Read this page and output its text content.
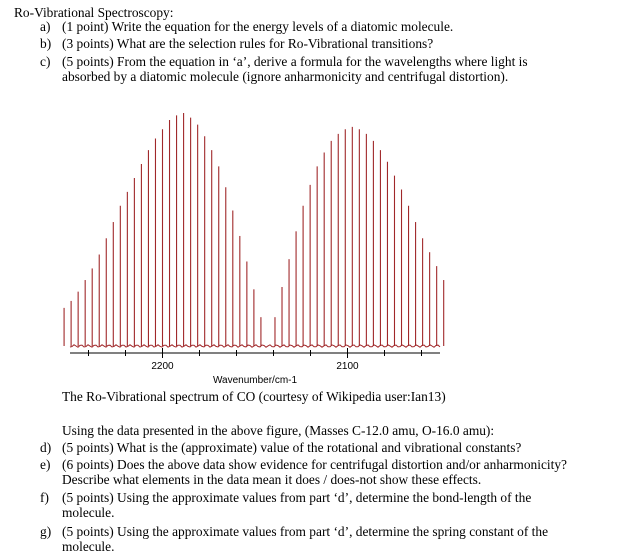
Ro-Vibrational Spectroscopy:
a) (1 point) Write the equation for the energy levels of a diatomic molecule.
b) (3 points) What are the selection rules for Ro-Vibrational transitions?
c) (5 points) From the equation in ‘a’, derive a formula for the wavelengths where light is
absorbed by a diatomic molecule (ignore anharmonicity and centrifugal distortion).
2200	2100
Wavenumber/cm-1
The Ro-Vibrational spectrum of CO (courtesy of Wikipedia user:Ian13)
Using the data presented in the above figure, (Masses C-12.0 amu, O-16.0 amu):
d) (5 points) What is the (approximate) value of the rotational and vibrational constants?
e) (6 points) Does the above data show evidence for centrifugal distortion and/or anharmonicity?
Describe what elements in the data mean it does / does-not show these effects.
f) (5 points) Using the approximate values from part ‘d’, determine the bond-length of the
molecule.
g) (5 points) Using the approximate values from part ‘d’, determine the spring constant of the
molecule.
